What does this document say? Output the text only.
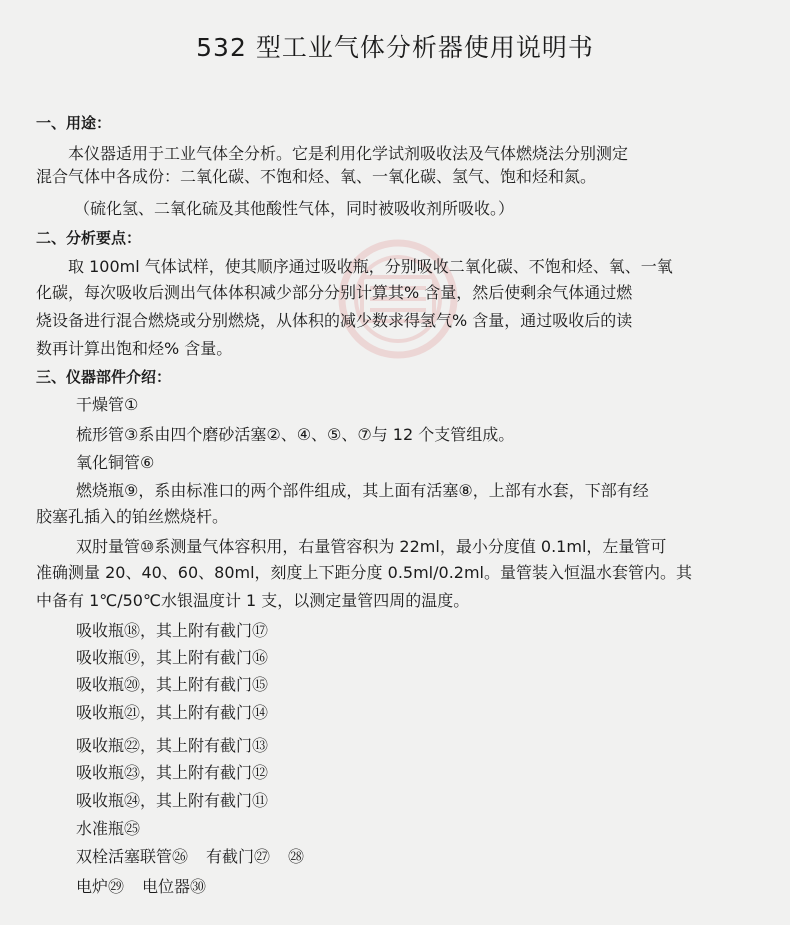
532 型工业气体分析器使用说明书
一、用途：
本仪器适用于工业气体全分析。它是利用化学试剂吸收法及气体燃烧法分别测定
混合气体中各成份：二氧化碳、不饱和烃、氧、一氧化碳、氢气、饱和烃和氮。
（硫化氢、二氧化硫及其他酸性气体，同时被吸收剂所吸收。）
二、分析要点：
取 100ml 气体试样，使其顺序通过吸收瓶，分别吸收二氧化碳、不饱和烃、氧、一氧
化碳，每次吸收后测出气体体积减少部分分别计算其% 含量，然后使剩余气体通过燃
烧设备进行混合燃烧或分别燃烧，从体积的减少数求得氢气% 含量，通过吸收后的读
数再计算出饱和烃% 含量。
三、仪器部件介绍：
干燥管①
梳形管③系由四个磨砂活塞②、④、⑤、⑦与 12 个支管组成。
氧化铜管⑥
燃烧瓶⑨，系由标准口的两个部件组成，其上面有活塞⑧，上部有水套，下部有经
胶塞孔插入的铂丝燃烧杆。
双肘量管⑩系测量气体容积用，右量管容积为 22ml，最小分度值 0.1ml，左量管可
准确测量 20、40、60、80ml，刻度上下距分度 0.5ml/0.2ml。量管装入恒温水套管内。其
中备有 1℃/50℃水银温度计 1 支，以测定量管四周的温度。
吸收瓶⑱，其上附有截门⑰
吸收瓶⑲，其上附有截门⑯
吸收瓶⑳，其上附有截门⑮
吸收瓶㉑，其上附有截门⑭
吸收瓶㉒，其上附有截门⑬
吸收瓶㉓，其上附有截门⑫
吸收瓶㉔，其上附有截门⑪
水准瓶㉕
双栓活塞联管㉖ 有截门㉗ ㉘
电炉㉙ 电位器㉚
